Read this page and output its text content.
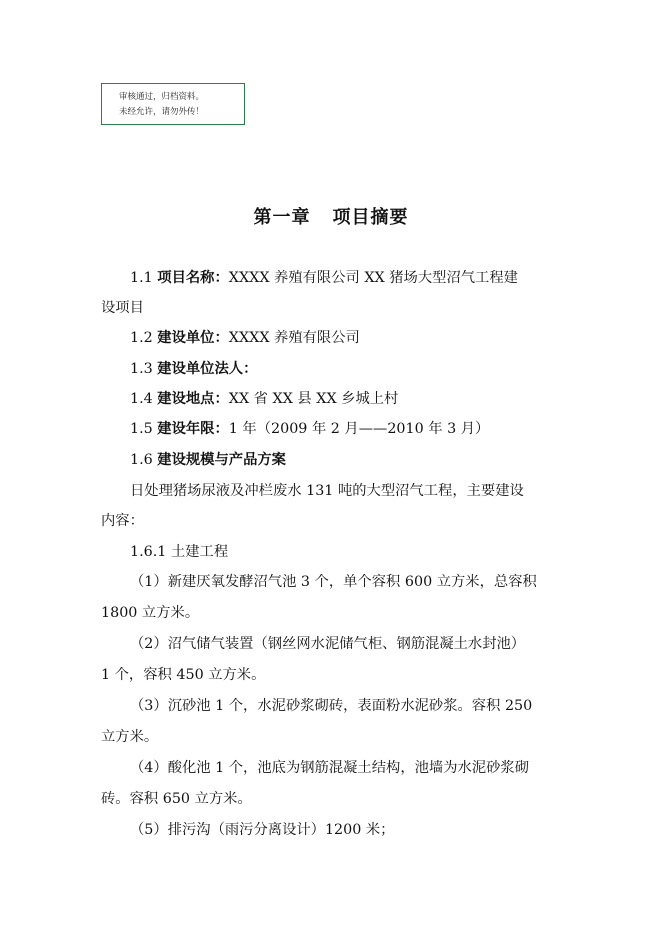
审核通过，归档资料。
未经允许，请勿外传！
第一章 项目摘要
1.1 项目名称：XXXX 养殖有限公司 XX 猪场大型沼气工程建
设项目
1.2 建设单位：XXXX 养殖有限公司
1.3 建设单位法人：
1.4 建设地点：XX 省 XX 县 XX 乡城上村
1.5 建设年限：1 年（2009 年 2 月——2010 年 3 月）
1.6 建设规模与产品方案
日处理猪场尿液及冲栏废水 131 吨的大型沼气工程，主要建设
内容：
1.6.1 土建工程
（1）新建厌氧发酵沼气池 3 个，单个容积 600 立方米，总容积
1800 立方米。
（2）沼气储气装置（钢丝网水泥储气柜、钢筋混凝土水封池）
1 个，容积 450 立方米。
（3）沉砂池 1 个，水泥砂浆砌砖，表面粉水泥砂浆。容积 250
立方米。
（4）酸化池 1 个，池底为钢筋混凝土结构，池墙为水泥砂浆砌
砖。容积 650 立方米。
（5）排污沟（雨污分离设计）1200 米；
